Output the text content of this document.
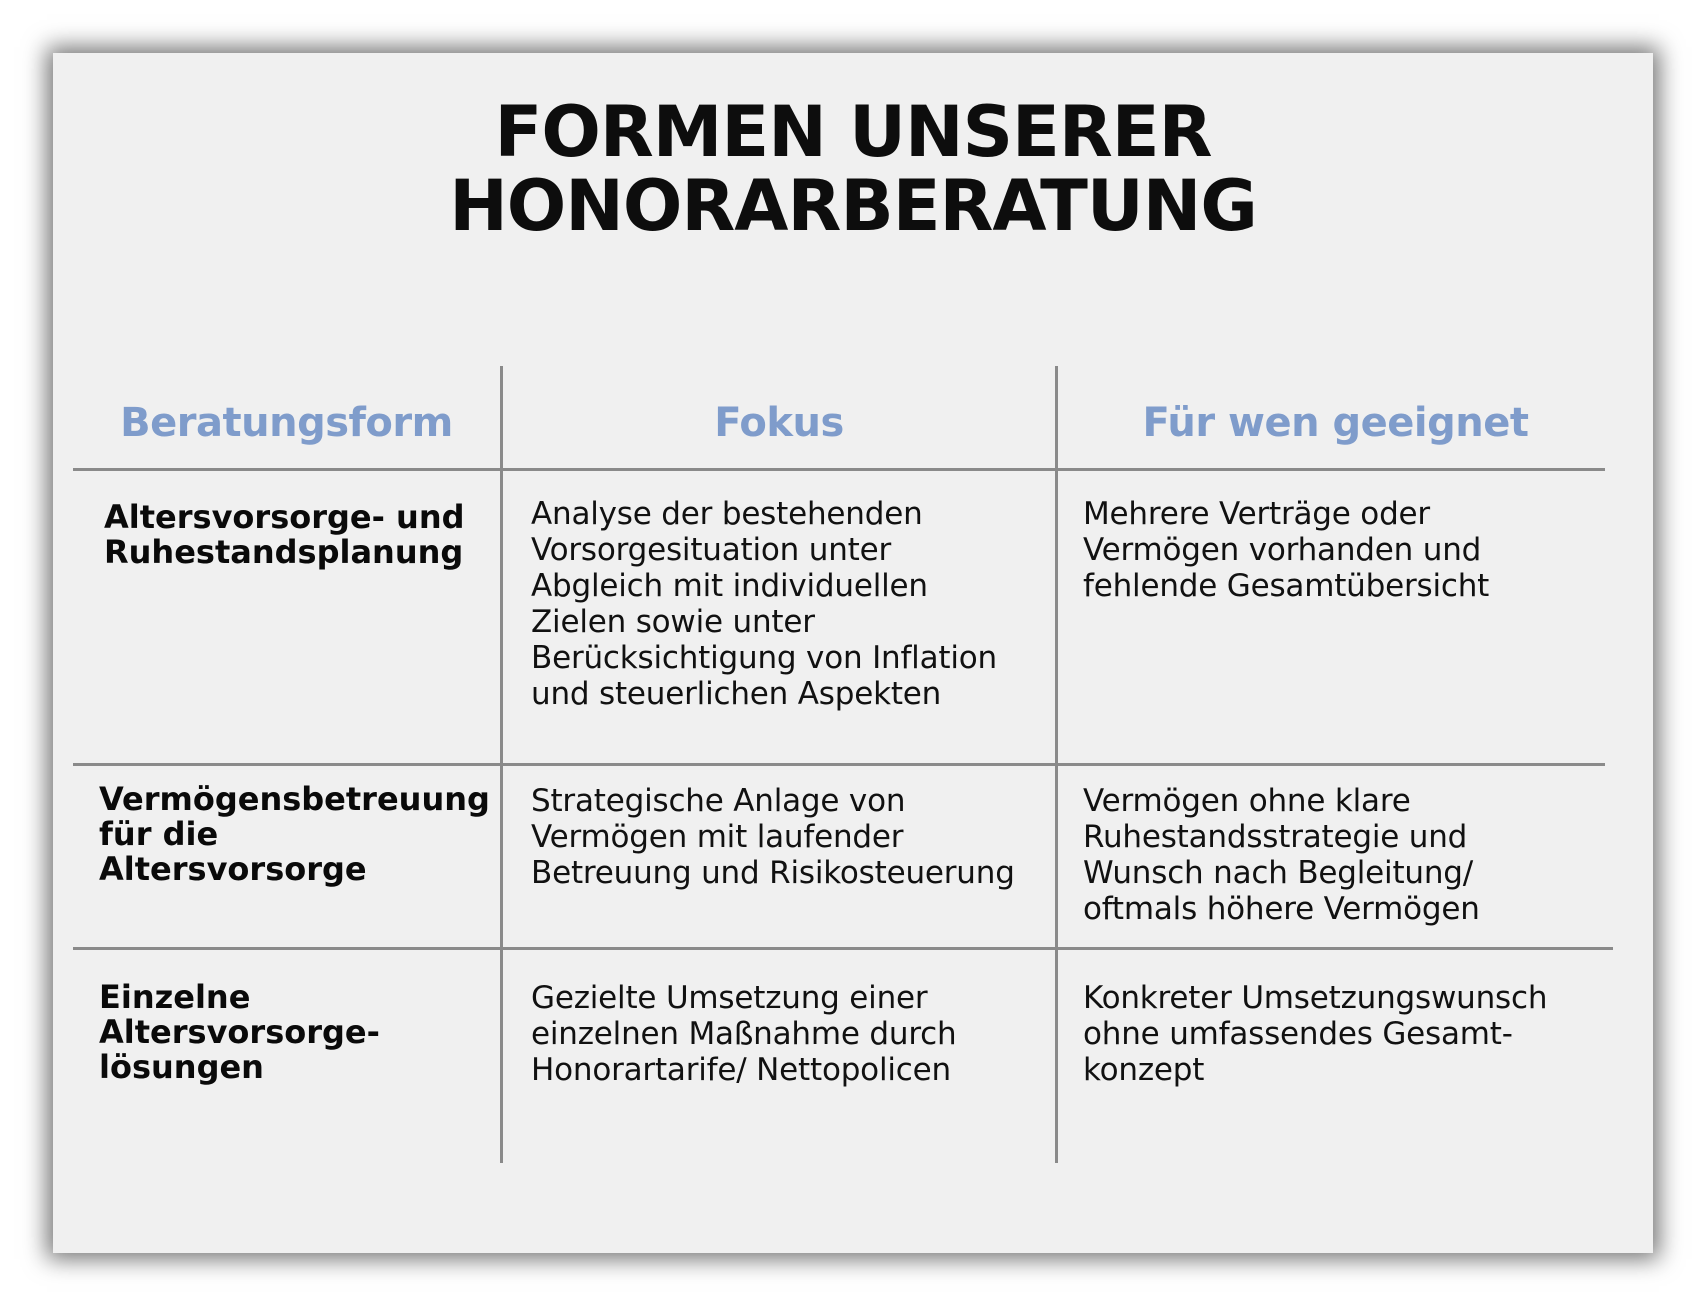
FORMEN UNSERER
HONORARBERATUNG
Beratungsform	Fokus	Für wen geeignet
Altersvorsorge- und
Ruhestandsplanung
Analyse der bestehenden
Vorsorgesituation unter
Abgleich mit individuellen
Zielen sowie unter
Berücksichtigung von Inflation
und steuerlichen Aspekten
Mehrere Verträge oder
Vermögen vorhanden und
fehlende Gesamtübersicht
Vermögensbetreuung
für die Altersvorsorge
Strategische Anlage von
Vermögen mit laufender
Betreuung und Risikosteuerung
Vermögen ohne klare
Ruhestandsstrategie und
Wunsch nach Begleitung/
oftmals höhere Vermögen
Einzelne
Altersvorsorge-
lösungen
Gezielte Umsetzung einer
einzelnen Maßnahme durch
Honorartarife/ Nettopolicen
Konkreter Umsetzungswunsch
ohne umfassendes Gesamt-
konzept
